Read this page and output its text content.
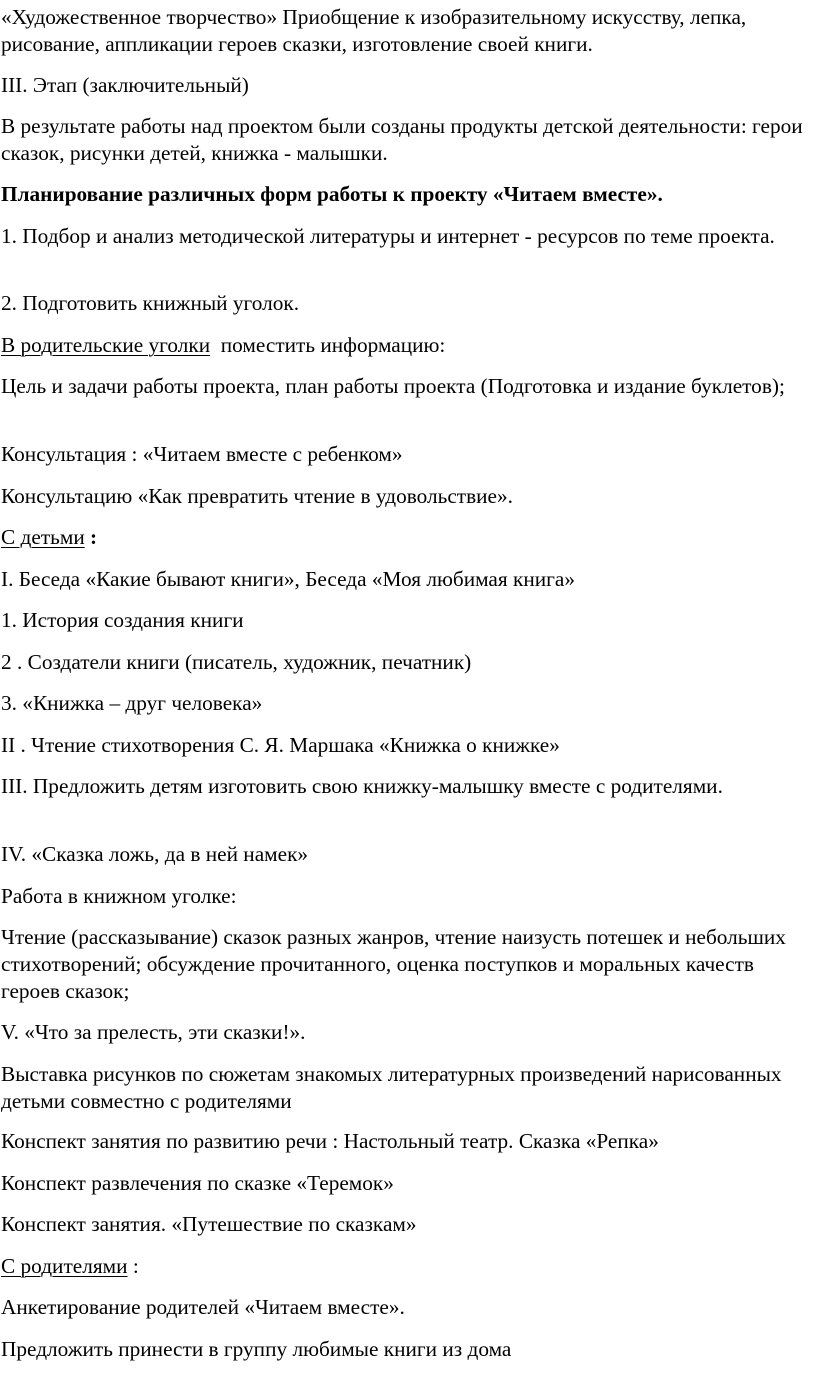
«Художественное творчество» Приобщение к изобразительному искусству, лепка, рисование, аппликации героев сказки, изготовление своей книги.

III. Этап (заключительный)

В результате работы над проектом были созданы продукты детской деятельности: герои сказок, рисунки детей, книжка - малышки.

Планирование различных форм работы к проекту «Читаем вместе».

1. Подбор и анализ методической литературы и интернет - ресурсов по теме проекта.

2. Подготовить книжный уголок.

В родительские уголки  поместить информацию:

Цель и задачи работы проекта, план работы проекта (Подготовка и издание буклетов);

Консультация : «Читаем вместе с ребенком»

Консультацию «Как превратить чтение в удовольствие».

С детьми :

I. Беседа «Какие бывают книги», Беседа «Моя любимая книга»

1. История создания книги

2 . Создатели книги (писатель, художник, печатник)

3. «Книжка – друг человека»

II . Чтение стихотворения С. Я. Маршака «Книжка о книжке»

III. Предложить детям изготовить свою книжку-малышку вместе с родителями.

IV. «Сказка ложь, да в ней намек»

Работа в книжном уголке:

Чтение (рассказывание) сказок разных жанров, чтение наизусть потешек и небольших стихотворений; обсуждение прочитанного, оценка поступков и моральных качеств героев сказок;

V. «Что за прелесть, эти сказки!».

Выставка рисунков по сюжетам знакомых литературных произведений нарисованных детьми совместно с родителями

Конспект занятия по развитию речи : Настольный театр. Сказка «Репка»

Конспект развлечения по сказке «Теремок»

Конспект занятия. «Путешествие по сказкам»

С родителями :

Анкетирование родителей «Читаем вместе».

Предложить принести в группу любимые книги из дома
